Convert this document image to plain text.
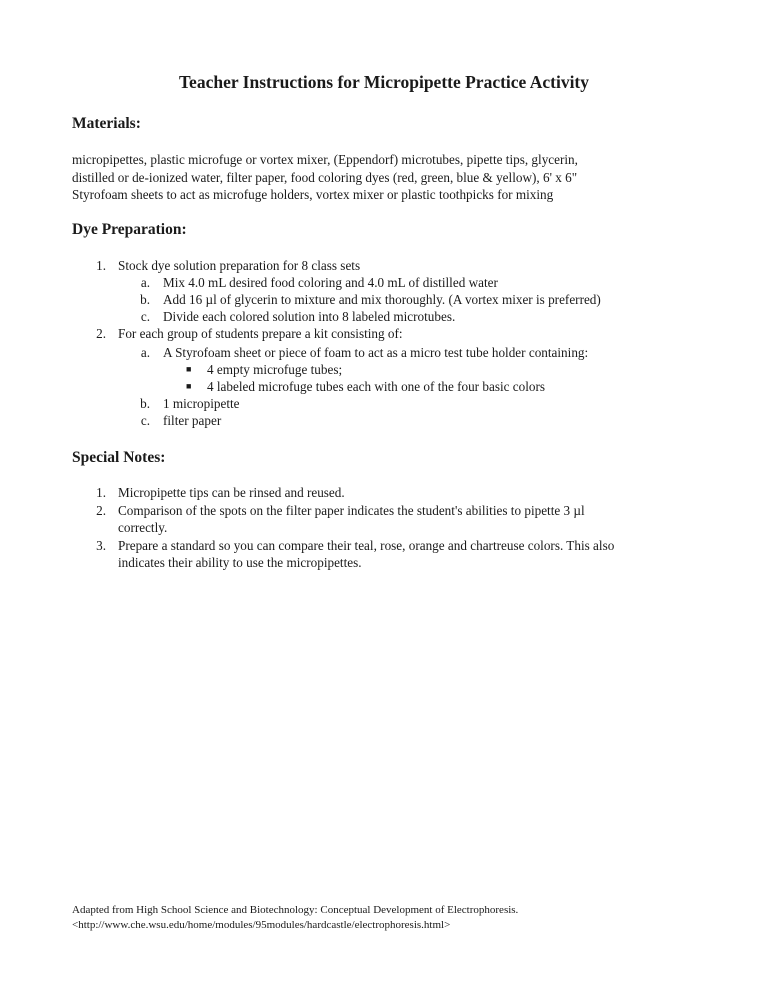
Teacher Instructions for Micropipette Practice Activity
Materials:
micropipettes, plastic microfuge or vortex mixer, (Eppendorf) microtubes, pipette tips, glycerin,
distilled or de-ionized water, filter paper, food coloring dyes (red, green, blue & yellow), 6' x 6"
Styrofoam sheets to act as microfuge holders, vortex mixer or plastic toothpicks for mixing
Dye Preparation:
1. Stock dye solution preparation for 8 class sets
a. Mix 4.0 mL desired food coloring and 4.0 mL of distilled water
b. Add 16 µl of glycerin to mixture and mix thoroughly. (A vortex mixer is preferred)
c. Divide each colored solution into 8 labeled microtubes.
2. For each group of students prepare a kit consisting of:
a. A Styrofoam sheet or piece of foam to act as a micro test tube holder containing:
■ 4 empty microfuge tubes;
■ 4 labeled microfuge tubes each with one of the four basic colors
b. 1 micropipette
c. filter paper
Special Notes:
1. Micropipette tips can be rinsed and reused.
2. Comparison of the spots on the filter paper indicates the student's abilities to pipette 3 µl
correctly.
3. Prepare a standard so you can compare their teal, rose, orange and chartreuse colors. This also
indicates their ability to use the micropipettes.
Adapted from High School Science and Biotechnology: Conceptual Development of Electrophoresis.
<http://www.che.wsu.edu/home/modules/95modules/hardcastle/electrophoresis.html>
